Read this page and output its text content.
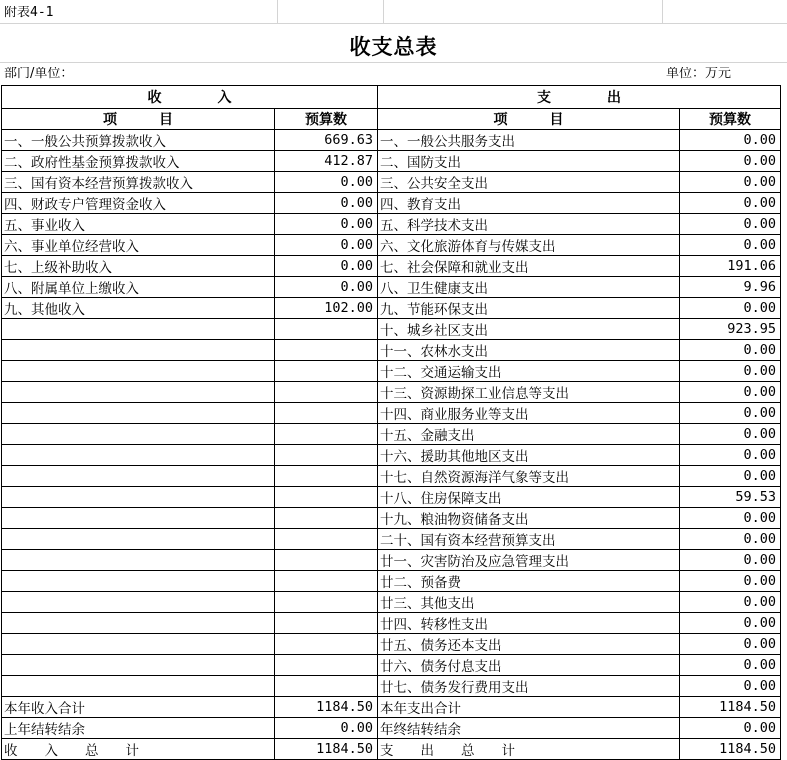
附表4-1
收支总表
部门/单位：	单位：万元
收　　　　入		支　　　　出	
项　　　目	预算数	项　　　目	预算数
一、一般公共预算拨款收入	669.63	一、一般公共服务支出	0.00
二、政府性基金预算拨款收入	412.87	二、国防支出	0.00
三、国有资本经营预算拨款收入	0.00	三、公共安全支出	0.00
四、财政专户管理资金收入	0.00	四、教育支出	0.00
五、事业收入	0.00	五、科学技术支出	0.00
六、事业单位经营收入	0.00	六、文化旅游体育与传媒支出	0.00
七、上级补助收入	0.00	七、社会保障和就业支出	191.06
八、附属单位上缴收入	0.00	八、卫生健康支出	9.96
九、其他收入	102.00	九、节能环保支出	0.00
		十、城乡社区支出	923.95
		十一、农林水支出	0.00
		十二、交通运输支出	0.00
		十三、资源勘探工业信息等支出	0.00
		十四、商业服务业等支出	0.00
		十五、金融支出	0.00
		十六、援助其他地区支出	0.00
		十七、自然资源海洋气象等支出	0.00
		十八、住房保障支出	59.53
		十九、粮油物资储备支出	0.00
		二十、国有资本经营预算支出	0.00
		廿一、灾害防治及应急管理支出	0.00
		廿二、预备费	0.00
		廿三、其他支出	0.00
		廿四、转移性支出	0.00
		廿五、债务还本支出	0.00
		廿六、债务付息支出	0.00
		廿七、债务发行费用支出	0.00
本年收入合计	1184.50	本年支出合计	1184.50
上年结转结余	0.00	年终结转结余	0.00
收　　入　　总　　计	1184.50	支　　出　　总　　计	1184.50
